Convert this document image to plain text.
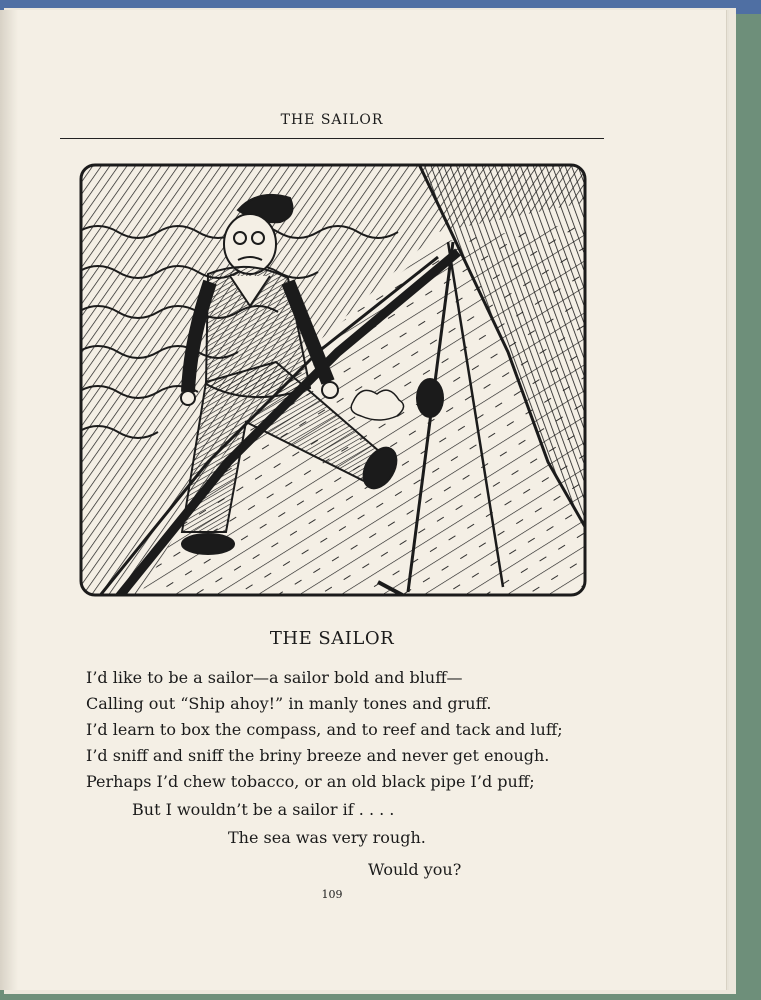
THE SAILOR
THE SAILOR
I’d like to be a sailor—a sailor bold and bluff—
Calling out “Ship ahoy!” in manly tones and gruff.
I’d learn to box the compass, and to reef and tack and luff;
I’d sniff and sniff the briny breeze and never get enough.
Perhaps I’d chew tobacco, or an old black pipe I’d puff;
But I wouldn’t be a sailor if . . . .
The sea was very rough.
Would you?
109
